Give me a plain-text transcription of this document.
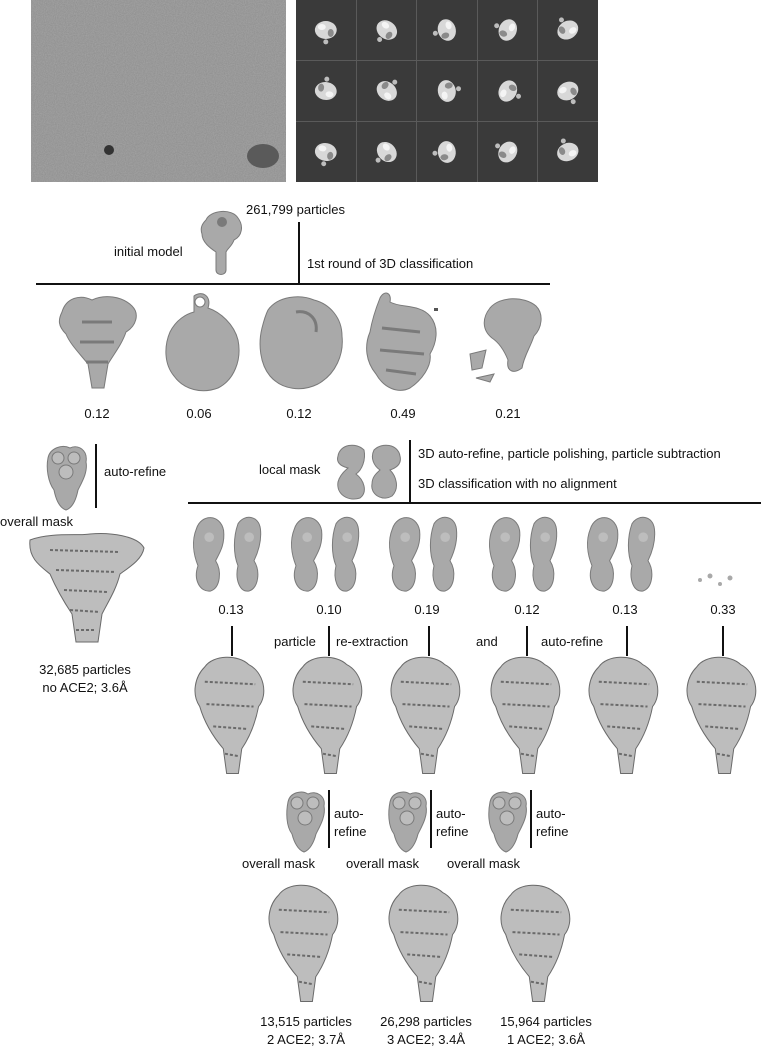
261,799 particles
initial model
1st round of 3D classification
0.12	0.06	0.12	0.49	0.21
auto-refine
overall mask
32,685 particles
no ACE2; 3.6Å
local mask
3D auto-refine, particle polishing, particle subtraction
3D classification with no alignment
0.13	0.10	0.19	0.12	0.13	0.33
particle re-extraction	and	auto-refine
auto-
refine
auto-
refine
auto-
refine
overall mask overall mask overall mask
13,515 particles
2 ACE2; 3.7Å
26,298 particles
3 ACE2; 3.4Å
15,964 particles
1 ACE2; 3.6Å
